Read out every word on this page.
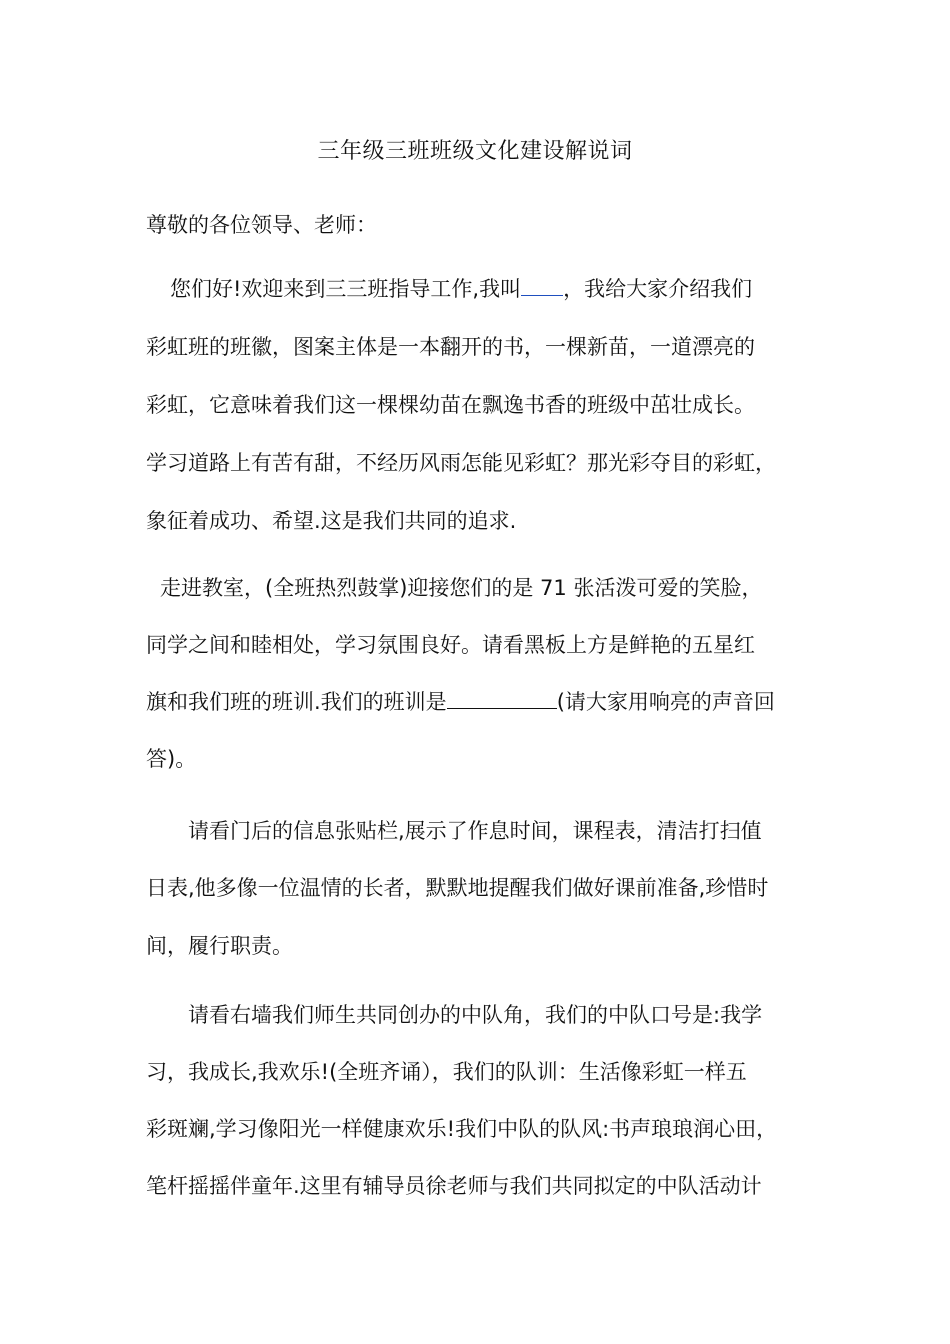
三年级三班班级文化建设解说词
尊敬的各位领导、老师：
您们好!欢迎来到三三班指导工作,我叫 ，我给大家介绍我们
彩虹班的班徽，图案主体是一本翻开的书，一棵新苗，一道漂亮的
彩虹，它意味着我们这一棵棵幼苗在飘逸书香的班级中茁壮成长。
学习道路上有苦有甜，不经历风雨怎能见彩虹？那光彩夺目的彩虹，
象征着成功、希望.这是我们共同的追求.
走进教室，(全班热烈鼓掌)迎接您们的是 71 张活泼可爱的笑脸，
同学之间和睦相处，学习氛围良好。请看黑板上方是鲜艳的五星红
旗和我们班的班训.我们的班训是	(请大家用响亮的声音回
答)。
请看门后的信息张贴栏,展示了作息时间，课程表，清洁打扫值
日表,他多像一位温情的长者，默默地提醒我们做好课前准备,珍惜时
间，履行职责。
请看右墙我们师生共同创办的中队角，我们的中队口号是:我学
习，我成长,我欢乐!(全班齐诵），我们的队训：生活像彩虹一样五
彩斑斓,学习像阳光一样健康欢乐!我们中队的队风:书声琅琅润心田，
笔杆摇摇伴童年.这里有辅导员徐老师与我们共同拟定的中队活动计
